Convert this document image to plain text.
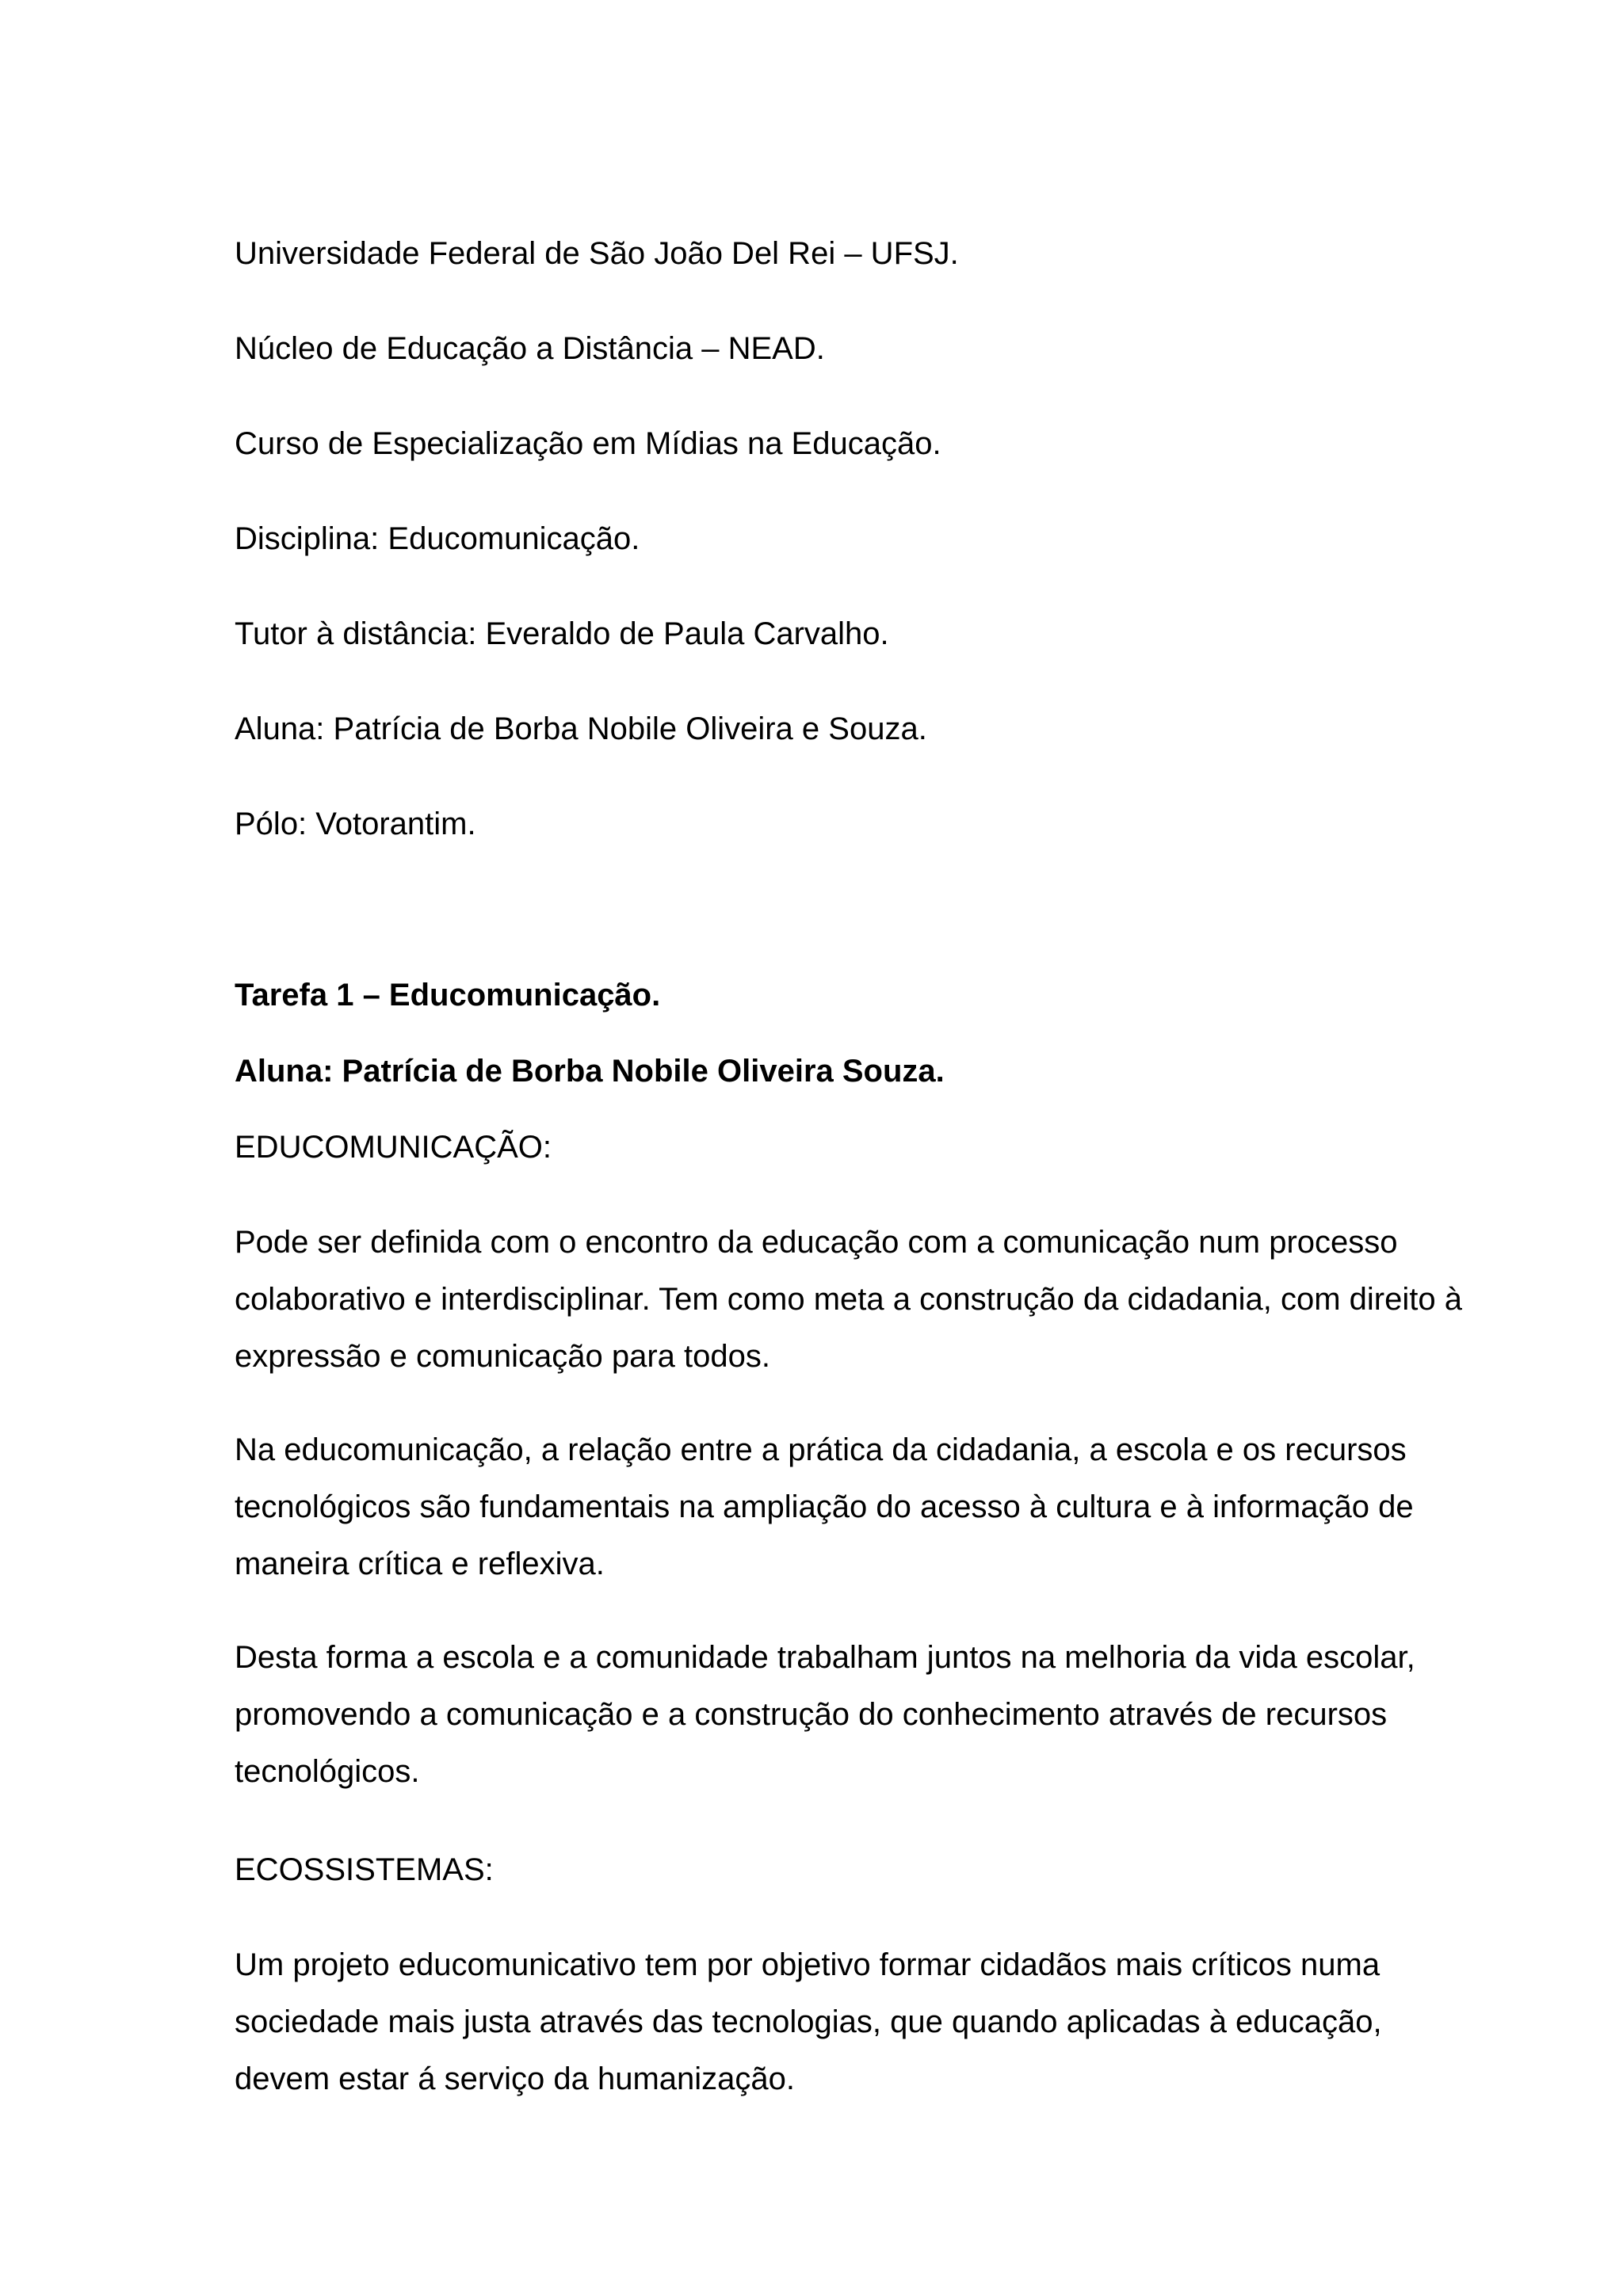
Universidade Federal de São João Del Rei – UFSJ.

Núcleo de Educação a Distância – NEAD.

Curso de Especialização em Mídias na Educação.

Disciplina: Educomunicação.

Tutor à distância: Everaldo de Paula Carvalho.

Aluna: Patrícia de Borba Nobile Oliveira e Souza.

Pólo: Votorantim.

Tarefa 1 – Educomunicação.

Aluna: Patrícia de Borba Nobile Oliveira Souza.

EDUCOMUNICAÇÃO:

Pode ser definida com o encontro da educação com a comunicação num processo colaborativo e interdisciplinar. Tem como meta a construção da cidadania, com direito à expressão e comunicação para todos.

Na educomunicação, a relação entre a prática da cidadania, a escola e os recursos tecnológicos são fundamentais na ampliação do acesso à cultura e à informação de maneira crítica e reflexiva.

Desta forma a escola e a comunidade trabalham juntos na melhoria da vida escolar, promovendo a comunicação e a construção do conhecimento através de recursos tecnológicos.

ECOSSISTEMAS:

Um projeto educomunicativo tem por objetivo formar cidadãos mais críticos numa sociedade mais justa através das tecnologias, que quando aplicadas à educação, devem estar á serviço da humanização.
